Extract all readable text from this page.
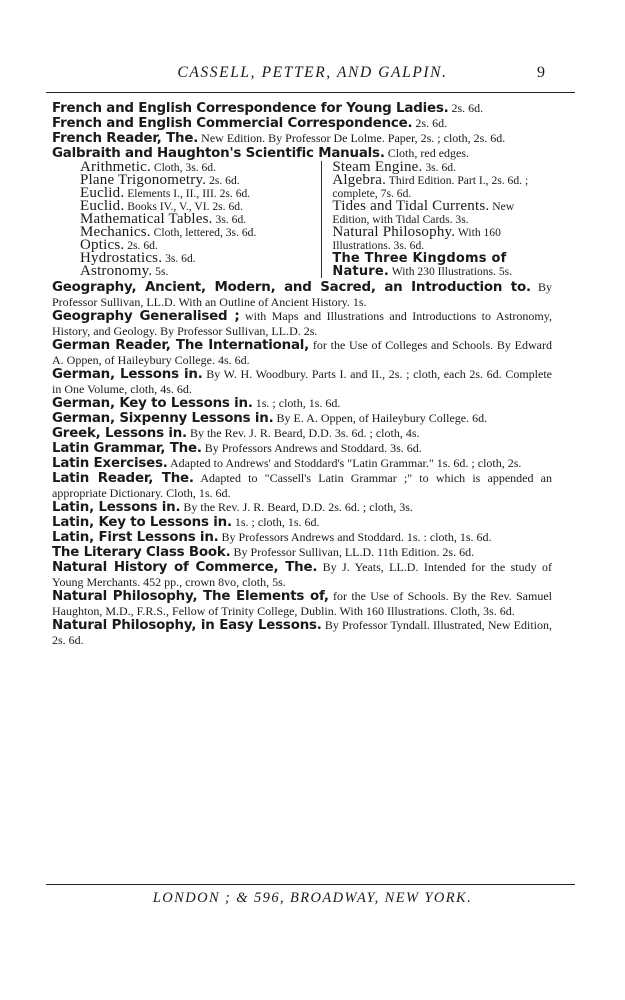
CASSELL, PETTER, AND GALPIN.	9

French and English Correspondence for Young Ladies. 2s. 6d.

French and English Commercial Correspondence. 2s. 6d.

French Reader, The. New Edition. By Professor De Lolme. Paper, 2s. ; cloth, 2s. 6d.

Galbraith and Haughton's Scientific Manuals. Cloth, red edges.

Arithmetic. Cloth, 3s. 6d.

Plane Trigonometry. 2s. 6d.

Euclid. Elements I., II., III. 2s. 6d.

Euclid. Books IV., V., VI. 2s. 6d.

Mathematical Tables. 3s. 6d.

Mechanics. Cloth, lettered, 3s. 6d.

Optics. 2s. 6d.

Hydrostatics. 3s. 6d.

Astronomy. 5s.

Steam Engine. 3s. 6d.

Algebra. Third Edition. Part I., 2s. 6d. ; complete, 7s. 6d.

Tides and Tidal Currents. New Edition, with Tidal Cards. 3s.

Natural Philosophy. With 160 Illustrations. 3s. 6d.

The Three Kingdoms of Nature. With 230 Illustrations. 5s.

Geography, Ancient, Modern, and Sacred, an Introduction to. By Professor Sullivan, LL.D. With an Outline of Ancient History. 1s.

Geography Generalised ; with Maps and Illustrations and Introductions to Astronomy, History, and Geology. By Professor Sullivan, LL.D. 2s.

German Reader, The International, for the Use of Colleges and Schools. By Edward A. Oppen, of Haileybury College. 4s. 6d.

German, Lessons in. By W. H. Woodbury. Parts I. and II., 2s. ; cloth, each 2s. 6d. Complete in One Volume, cloth, 4s. 6d.

German, Key to Lessons in. 1s. ; cloth, 1s. 6d.

German, Sixpenny Lessons in. By E. A. Oppen, of Haileybury College. 6d.

Greek, Lessons in. By the Rev. J. R. Beard, D.D. 3s. 6d. ; cloth, 4s.

Latin Grammar, The. By Professors Andrews and Stoddard. 3s. 6d.

Latin Exercises. Adapted to Andrews' and Stoddard's "Latin Grammar." 1s. 6d. ; cloth, 2s.

Latin Reader, The. Adapted to "Cassell's Latin Grammar ;" to which is appended an appropriate Dictionary. Cloth, 1s. 6d.

Latin, Lessons in. By the Rev. J. R. Beard, D.D. 2s. 6d. ; cloth, 3s.

Latin, Key to Lessons in. 1s. ; cloth, 1s. 6d.

Latin, First Lessons in. By Professors Andrews and Stoddard. 1s. : cloth, 1s. 6d.

The Literary Class Book. By Professor Sullivan, LL.D. 11th Edition. 2s. 6d.

Natural History of Commerce, The. By J. Yeats, LL.D. Intended for the study of Young Merchants. 452 pp., crown 8vo, cloth, 5s.

Natural Philosophy, The Elements of, for the Use of Schools. By the Rev. Samuel Haughton, M.D., F.R.S., Fellow of Trinity College, Dublin. With 160 Illustrations. Cloth, 3s. 6d.

Natural Philosophy, in Easy Lessons. By Professor Tyndall. Illustrated, New Edition, 2s. 6d.

LONDON ; & 596, BROADWAY, NEW YORK.
